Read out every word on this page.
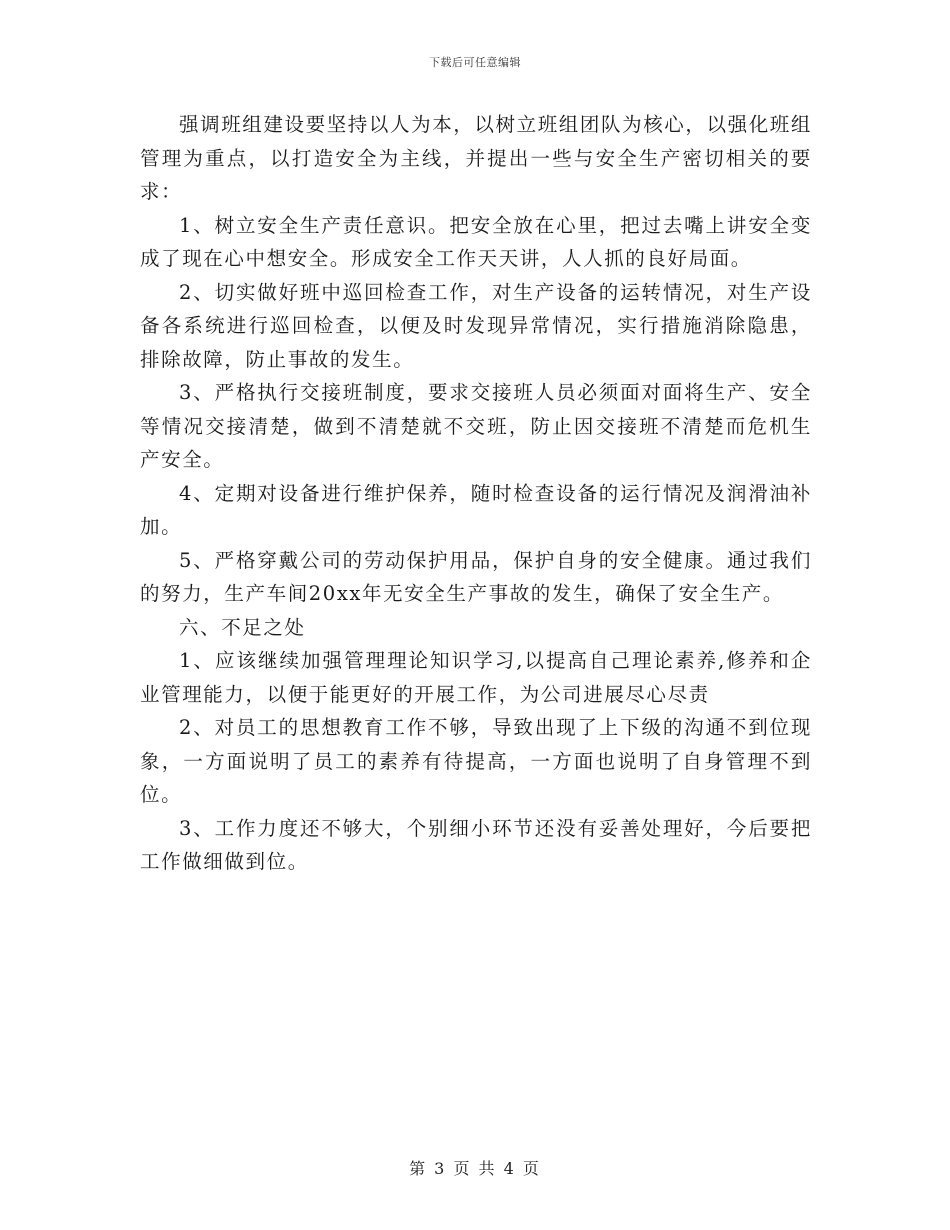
下载后可任意编辑

强调班组建设要坚持以人为本，以树立班组团队为核心，以强化班组管理为重点，以打造安全为主线，并提出一些与安全生产密切相关的要求：

1、树立安全生产责任意识。把安全放在心里，把过去嘴上讲安全变成了现在心中想安全。形成安全工作天天讲，人人抓的良好局面。

2、切实做好班中巡回检查工作，对生产设备的运转情况，对生产设备各系统进行巡回检查，以便及时发现异常情况，实行措施消除隐患，排除故障，防止事故的发生。

3、严格执行交接班制度，要求交接班人员必须面对面将生产、安全等情况交接清楚，做到不清楚就不交班，防止因交接班不清楚而危机生产安全。

4、定期对设备进行维护保养，随时检查设备的运行情况及润滑油补加。

5、严格穿戴公司的劳动保护用品，保护自身的安全健康。通过我们的努力，生产车间20xx年无安全生产事故的发生，确保了安全生产。

六、不足之处

1、应该继续加强管理理论知识学习,以提高自己理论素养,修养和企业管理能力，以便于能更好的开展工作，为公司进展尽心尽责

2、对员工的思想教育工作不够，导致出现了上下级的沟通不到位现象，一方面说明了员工的素养有待提高，一方面也说明了自身管理不到位。

3、工作力度还不够大，个别细小环节还没有妥善处理好，今后要把工作做细做到位。

第 3 页 共 4 页
